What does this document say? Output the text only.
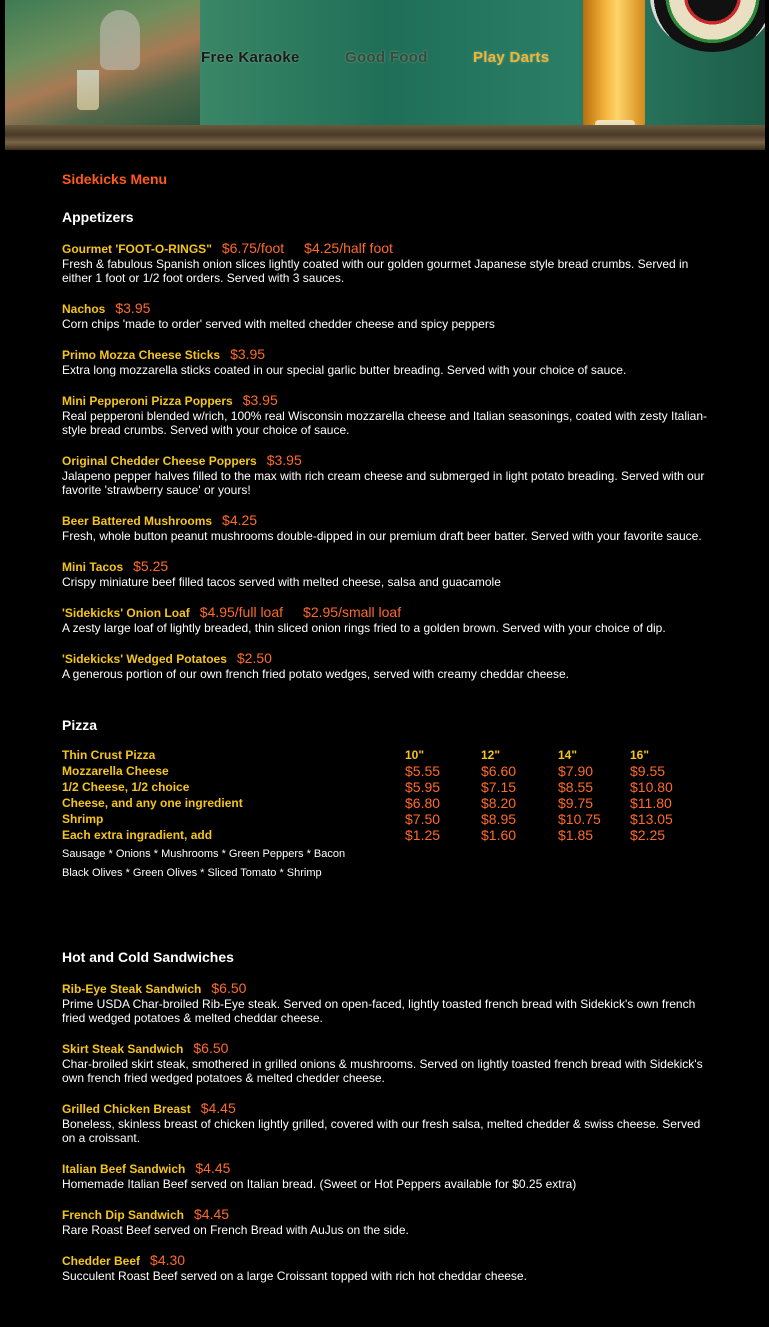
Free Karaoke	Good Food	Play Darts
Sidekicks Menu
Appetizers
Gourmet 'FOOT-O-RINGS" $6.75/foot $4.25/half foot
Fresh & fabulous Spanish onion slices lightly coated with our golden gourmet Japanese style bread crumbs. Served in either 1 foot or 1/2 foot orders. Served with 3 sauces.
Nachos $3.95
Corn chips 'made to order' served with melted chedder cheese and spicy peppers
Primo Mozza Cheese Sticks $3.95
Extra long mozzarella sticks coated in our special garlic butter breading. Served with your choice of sauce.
Mini Pepperoni Pizza Poppers $3.95
Real pepperoni blended w/rich, 100% real Wisconsin mozzarella cheese and Italian seasonings, coated with zesty Italian-style bread crumbs. Served with your choice of sauce.
Original Chedder Cheese Poppers $3.95
Jalapeno pepper halves filled to the max with rich cream cheese and submerged in light potato breading. Served with our favorite 'strawberry sauce' or yours!
Beer Battered Mushrooms $4.25
Fresh, whole button peanut mushrooms double-dipped in our premium draft beer batter. Served with your favorite sauce.
Mini Tacos $5.25
Crispy miniature beef filled tacos served with melted cheese, salsa and guacamole
'Sidekicks' Onion Loaf $4.95/full loaf $2.95/small loaf
A zesty large loaf of lightly breaded, thin sliced onion rings fried to a golden brown. Served with your choice of dip.
'Sidekicks' Wedged Potatoes $2.50
A generous portion of our own french fried potato wedges, served with creamy cheddar cheese.
Pizza
Thin Crust Pizza	10"	12"	14"	16"
Mozzarella Cheese	$5.55	$6.60	$7.90	$9.55
1/2 Cheese, 1/2 choice	$5.95	$7.15	$8.55	$10.80
Cheese, and any one ingredient	$6.80	$8.20	$9.75	$11.80
Shrimp	$7.50	$8.95	$10.75	$13.05
Each extra ingradient, add	$1.25	$1.60	$1.85	$2.25
Sausage * Onions * Mushrooms * Green Peppers * Bacon
Black Olives * Green Olives * Sliced Tomato * Shrimp
Hot and Cold Sandwiches
Rib-Eye Steak Sandwich $6.50
Prime USDA Char-broiled Rib-Eye steak. Served on open-faced, lightly toasted french bread with Sidekick's own french fried wedged potatoes & melted cheddar cheese.
Skirt Steak Sandwich $6.50
Char-broiled skirt steak, smothered in grilled onions & mushrooms. Served on lightly toasted french bread with Sidekick's own french fried wedged potatoes & melted chedder cheese.
Grilled Chicken Breast $4.45
Boneless, skinless breast of chicken lightly grilled, covered with our fresh salsa, melted chedder & swiss cheese. Served on a croissant.
Italian Beef Sandwich $4.45
Homemade Italian Beef served on Italian bread. (Sweet or Hot Peppers available for $0.25 extra)
French Dip Sandwich $4.45
Rare Roast Beef served on French Bread with AuJus on the side.
Chedder Beef $4.30
Succulent Roast Beef served on a large Croissant topped with rich hot cheddar cheese.
